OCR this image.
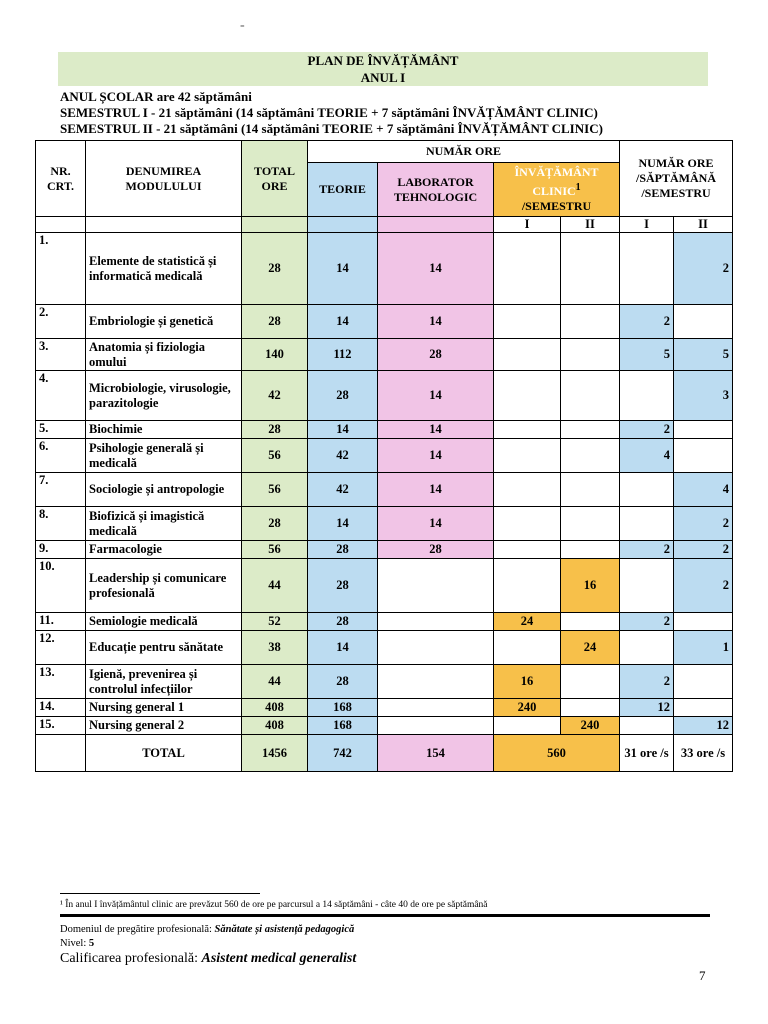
-
PLAN DE ÎNVĂȚĂMÂNT
ANUL I
ANUL ȘCOLAR are 42 săptămâni
SEMESTRUL I - 21 săptămâni (14 săptămâni TEORIE + 7 săptămâni ÎNVĂȚĂMÂNT CLINIC)
SEMESTRUL II - 21 săptămâni (14 săptămâni TEORIE + 7 săptămâni ÎNVĂȚĂMÂNT CLINIC)
NR. CRT.	DENUMIREA MODULULUI	TOTAL ORE	NUMĂR ORE				NUMĂR ORE /SĂPTĂMÂNĂ /SEMESTRU	
			TEORIE	LABORATOR TEHNOLOGIC	ÎNVĂȚĂMÂNT CLINIC$^1$
/SEMESTRU			
					I	II	I	II
1.	Elemente de statistică și informatică medicală	28	14	14				2
2.	Embriologie și genetică	28	14	14			2	
3.	Anatomia și fiziologia omului	140	112	28			5	5
4.	Microbiologie, virusologie, parazitologie	42	28	14				3
5.	Biochimie	28	14	14			2	
6.	Psihologie generală și medicală	56	42	14			4	
7.	Sociologie și antropologie	56	42	14				4
8.	Biofizică și imagistică medicală	28	14	14				2
9.	Farmacologie	56	28	28			2	2
10.	Leadership și comunicare profesională	44	28			16		2
11.	Semiologie medicală	52	28		24		2	
12.	Educație pentru sănătate	38	14			24		1
13.	Igienă, prevenirea și controlul infecțiilor	44	28		16		2	
14.	Nursing general 1	408	168		240		12	
15.	Nursing general 2	408	168			240		12
	TOTAL	1456	742	154	560		31 ore /s	33 ore /s
¹ În anul I învățământul clinic are prevăzut 560 de ore pe parcursul a 14 săptămâni - câte 40 de ore pe săptămână
Domeniul de pregătire profesională: Sănătate și asistență pedagogică
Nivel: 5
Calificarea profesională: Asistent medical generalist
7
